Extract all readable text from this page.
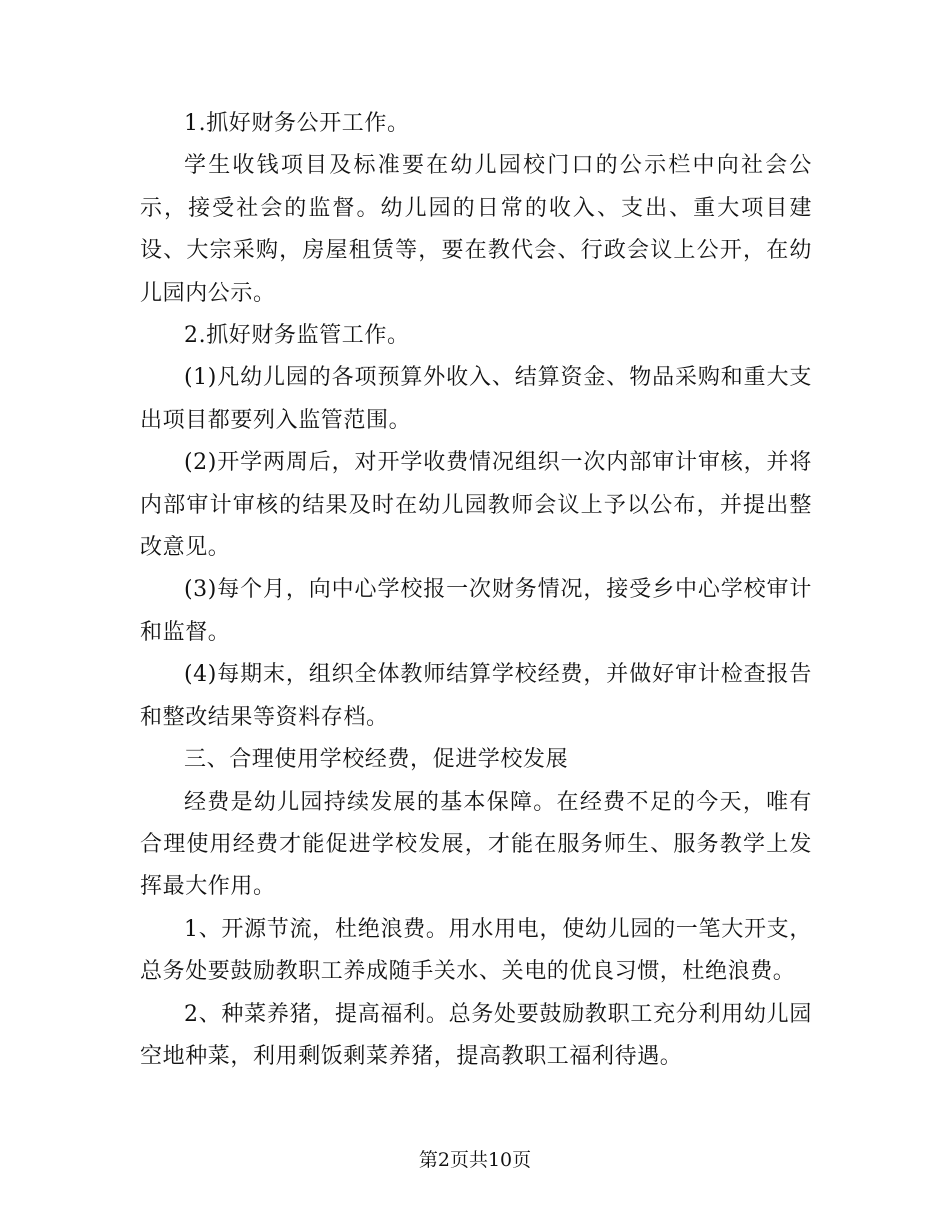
1.抓好财务公开工作。

学生收钱项目及标准要在幼儿园校门口的公示栏中向社会公示，接受社会的监督。幼儿园的日常的收入、支出、重大项目建设、大宗采购，房屋租赁等，要在教代会、行政会议上公开，在幼儿园内公示。

2.抓好财务监管工作。

(1)凡幼儿园的各项预算外收入、结算资金、物品采购和重大支出项目都要列入监管范围。

(2)开学两周后，对开学收费情况组织一次内部审计审核，并将内部审计审核的结果及时在幼儿园教师会议上予以公布，并提出整改意见。

(3)每个月，向中心学校报一次财务情况，接受乡中心学校审计和监督。

(4)每期末，组织全体教师结算学校经费，并做好审计检查报告和整改结果等资料存档。

三、合理使用学校经费，促进学校发展

经费是幼儿园持续发展的基本保障。在经费不足的今天，唯有合理使用经费才能促进学校发展，才能在服务师生、服务教学上发挥最大作用。

1、开源节流，杜绝浪费。用水用电，使幼儿园的一笔大开支，总务处要鼓励教职工养成随手关水、关电的优良习惯，杜绝浪费。

2、种菜养猪，提高福利。总务处要鼓励教职工充分利用幼儿园空地种菜，利用剩饭剩菜养猪，提高教职工福利待遇。

第2页共10页
